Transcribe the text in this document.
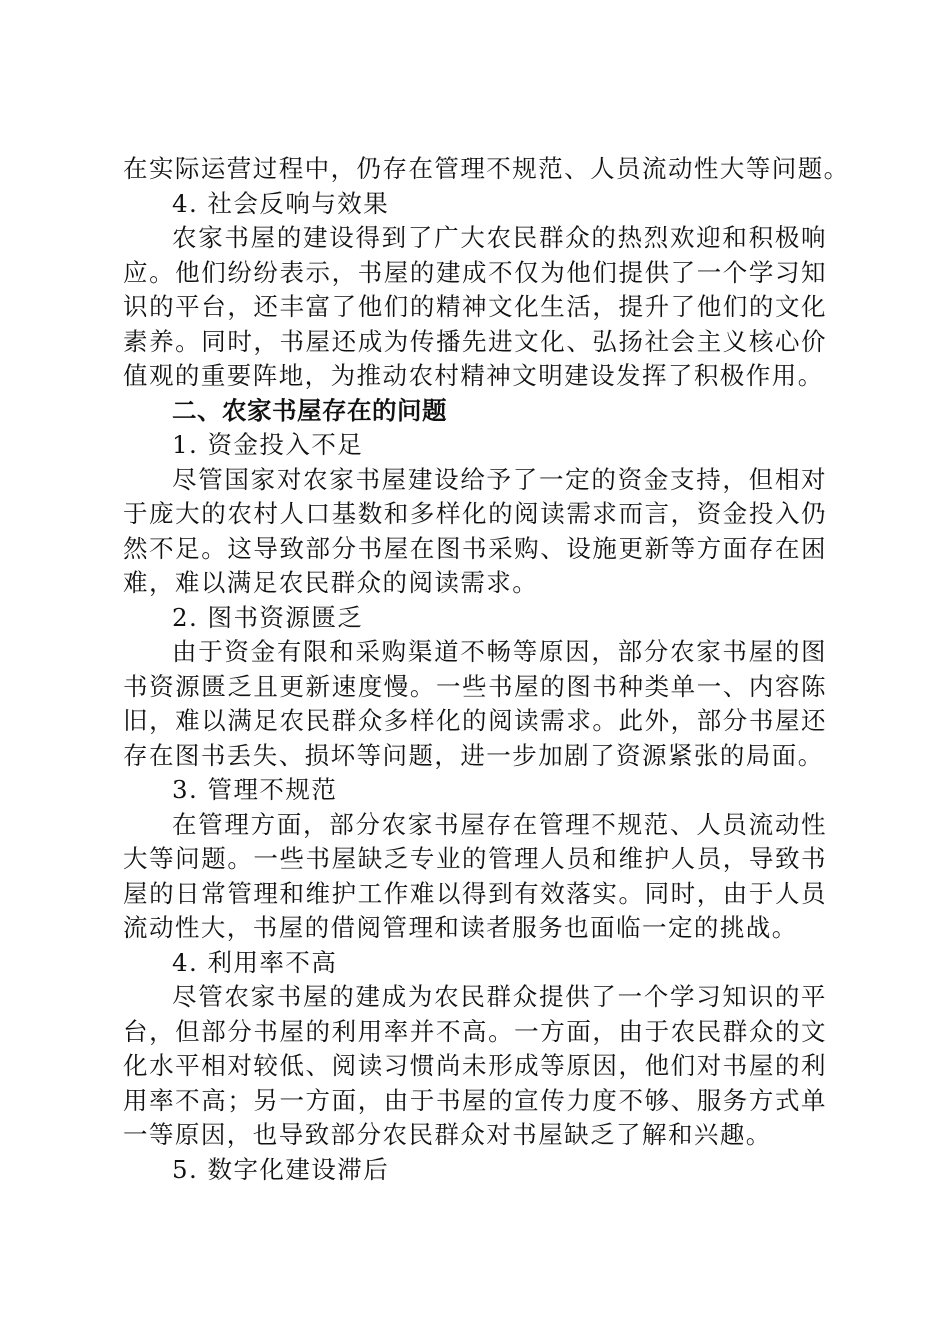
在实际运营过程中，仍存在管理不规范、人员流动性大等问题。
4. 社会反响与效果
农家书屋的建设得到了广大农民群众的热烈欢迎和积极响
应。他们纷纷表示，书屋的建成不仅为他们提供了一个学习知
识的平台，还丰富了他们的精神文化生活，提升了他们的文化
素养。同时，书屋还成为传播先进文化、弘扬社会主义核心价
值观的重要阵地，为推动农村精神文明建设发挥了积极作用。
二、农家书屋存在的问题
1. 资金投入不足
尽管国家对农家书屋建设给予了一定的资金支持，但相对
于庞大的农村人口基数和多样化的阅读需求而言，资金投入仍
然不足。这导致部分书屋在图书采购、设施更新等方面存在困
难，难以满足农民群众的阅读需求。
2. 图书资源匮乏
由于资金有限和采购渠道不畅等原因，部分农家书屋的图
书资源匮乏且更新速度慢。一些书屋的图书种类单一、内容陈
旧，难以满足农民群众多样化的阅读需求。此外，部分书屋还
存在图书丢失、损坏等问题，进一步加剧了资源紧张的局面。
3. 管理不规范
在管理方面，部分农家书屋存在管理不规范、人员流动性
大等问题。一些书屋缺乏专业的管理人员和维护人员，导致书
屋的日常管理和维护工作难以得到有效落实。同时，由于人员
流动性大，书屋的借阅管理和读者服务也面临一定的挑战。
4. 利用率不高
尽管农家书屋的建成为农民群众提供了一个学习知识的平
台，但部分书屋的利用率并不高。一方面，由于农民群众的文
化水平相对较低、阅读习惯尚未形成等原因，他们对书屋的利
用率不高；另一方面，由于书屋的宣传力度不够、服务方式单
一等原因，也导致部分农民群众对书屋缺乏了解和兴趣。
5. 数字化建设滞后
